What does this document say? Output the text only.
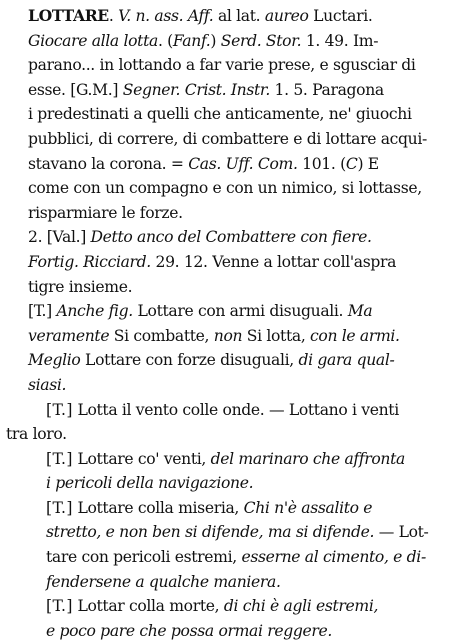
LOTTARE. V. n. ass. Aff. al lat. aureo Luctari.
Giocare alla lotta. (Fanf.) Serd. Stor. 1. 49. Im-
parano... in lottando a far varie prese, e sgusciar di
esse. [G.M.] Segner. Crist. Instr. 1. 5. Paragona
i predestinati a quelli che anticamente, ne' giuochi
pubblici, di correre, di combattere e di lottare acqui-
stavano la corona. = Cas. Uff. Com. 101. (C) E
come con un compagno e con un nimico, si lottasse,
risparmiare le forze.
2. [Val.] Detto anco del Combattere con fiere.
Fortig. Ricciard. 29. 12. Venne a lottar coll'aspra
tigre insieme.
[T.] Anche fig. Lottare con armi disuguali. Ma
veramente Si combatte, non Si lotta, con le armi.
Meglio Lottare con forze disuguali, di gara qual-
siasi.
[T.] Lotta il vento colle onde. — Lottano i venti
tra loro.
[T.] Lottare co' venti, del marinaro che affronta
i pericoli della navigazione.
[T.] Lottare colla miseria, Chi n'è assalito e
stretto, e non ben si difende, ma si difende. — Lot-
tare con pericoli estremi, esserne al cimento, e di-
fendersene a qualche maniera.
[T.] Lottar colla morte, di chi è agli estremi,
e poco pare che possa ormai reggere.
